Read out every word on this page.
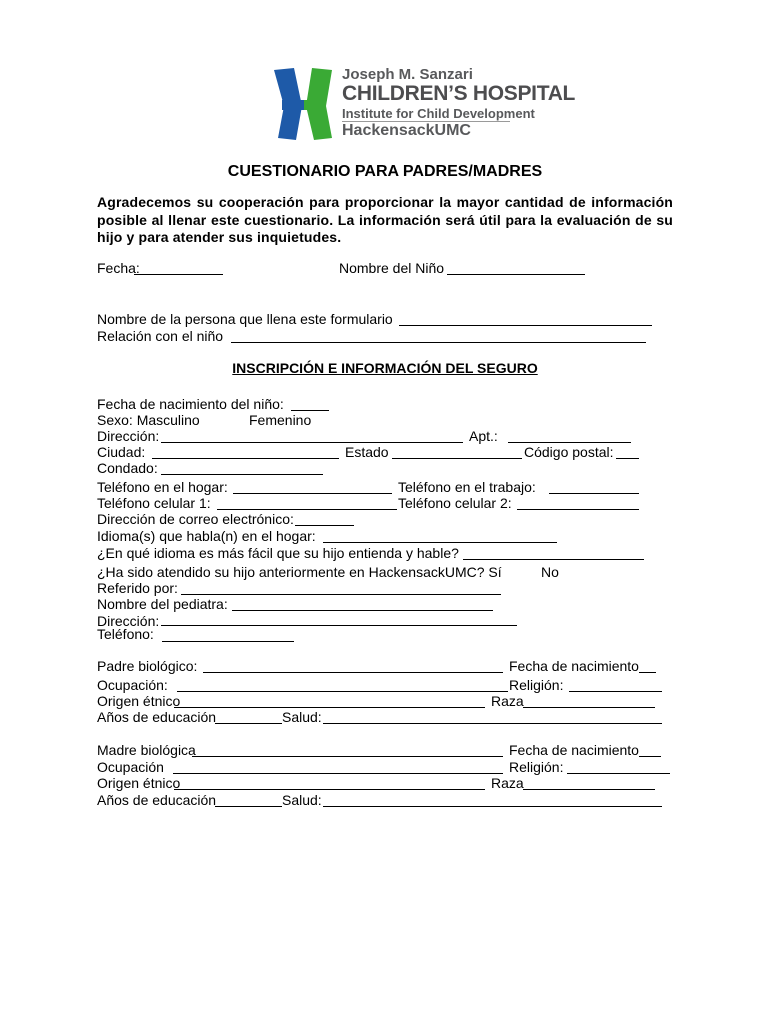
Joseph M. Sanzari
CHILDREN’S HOSPITAL
Institute for Child Development
HackensackUMC
CUESTIONARIO PARA PADRES/MADRES
Agradecemos su cooperación para proporcionar la mayor cantidad de información posible al llenar este cuestionario. La información será útil para la evaluación de su hijo y para atender sus inquietudes.
Fecha:	Nombre del Niño
Nombre de la persona que llena este formulario
Relación con el niño
INSCRIPCIÓN E INFORMACIÓN DEL SEGURO
Fecha de nacimiento del niño:
Sexo: Masculino	Femenino
Dirección:	Apt.:
Ciudad:	Estado	Código postal:
Condado:
Teléfono en el hogar:	Teléfono en el trabajo:
Teléfono celular 1:	Teléfono celular 2:
Dirección de correo electrónico:
Idioma(s) que habla(n) en el hogar:
¿En qué idioma es más fácil que su hijo entienda y hable?
¿Ha sido atendido su hijo anteriormente en HackensackUMC? Sí	No
Referido por:
Nombre del pediatra:
Dirección:
Teléfono:
Padre biológico:	Fecha de nacimiento
Ocupación:	Religión:
Origen étnico	Raza
Años de educación	Salud:
Madre biológica	Fecha de nacimiento
Ocupación	Religión:
Origen étnico	Raza
Años de educación	Salud:
